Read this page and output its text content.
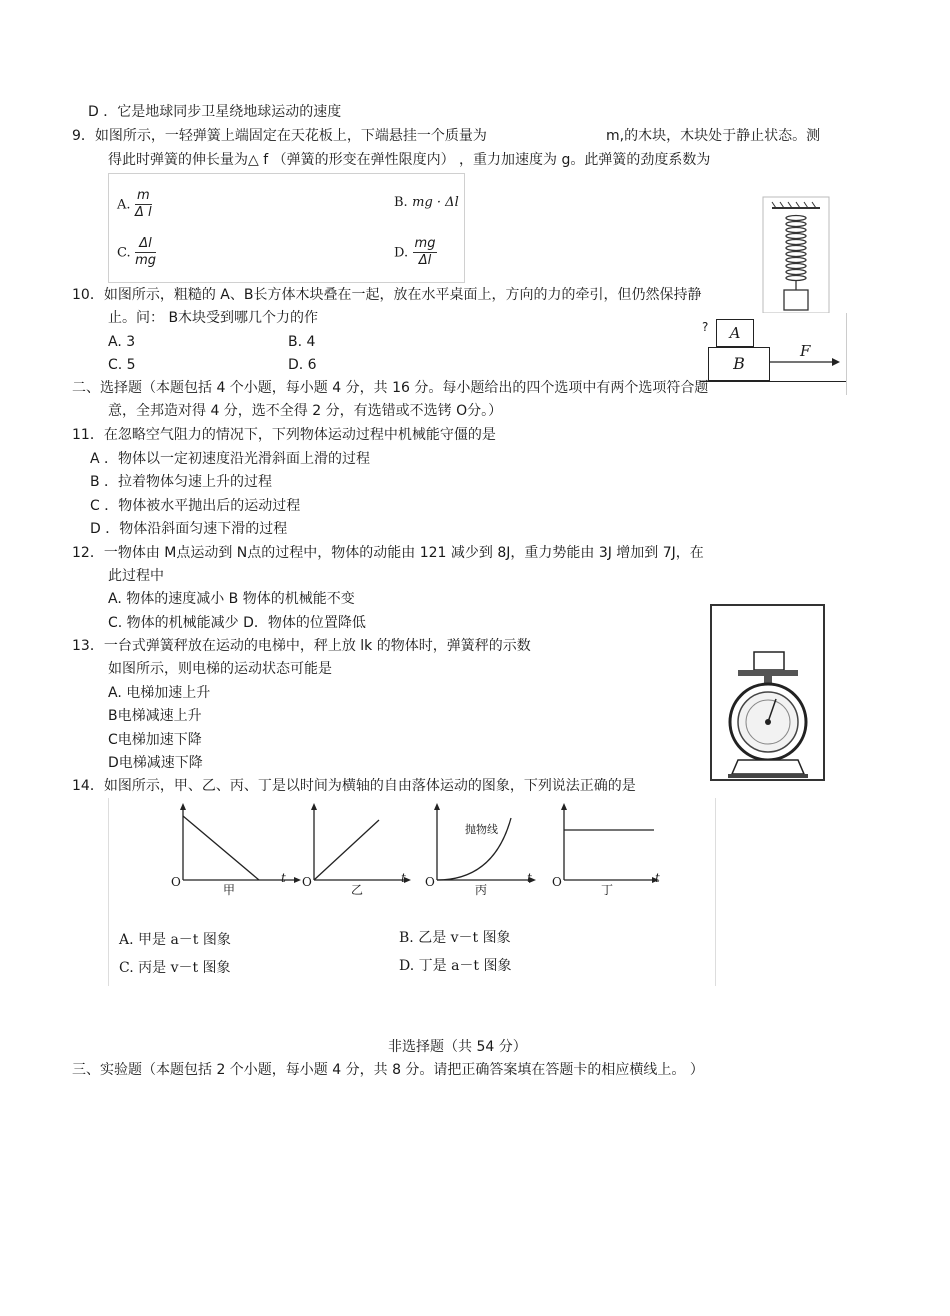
D ．它是地球同步卫星绕地球运动的速度
9．如图所示，一轻弹簧上端固定在天花板上，下端悬挂一个质量为	m,的木块，木块处于静止状态。测
得此时弹簧的伸长量为△ f （弹簧的形变在弹性限度内） ，重力加速度为 g。此弹簧的劲度系数为
A. $\frac{m}{\text{Δ l}}$	B. mg · Δl
C. $\frac{\Delta l}{mg}$	D. $\frac{mg}{\Delta l}$
10．如图所示，粗糙的 A、B长方体木块叠在一起，放在水平桌面上，方向的力的牵引，但仍然保持静
止。问： B木块受到哪几个力的作
A. 3	B. 4
C. 5	D. 6
?	A
B
F
二、选择题（本题包括 4 个小题，每小题 4 分，共 16 分。每小题给出的四个选项中有两个选项符合题
意，全邦造对得 4 分，选不全得 2 分，有选错或不选铐 O分。）
11．在忽略空气阻力的情况下，下列物体运动过程中机械能守僵的是
A ．物体以一定初速度沿光滑斜面上滑的过程
B ．拉着物体匀速上升的过程
C ．物体被水平抛出后的运动过程
D ．物体沿斜面匀速下滑的过程
12．一物体由 M点运动到 N点的过程中，物体的动能由 121 减少到 8J，重力势能由 3J 增加到 7J，在
此过程中
A. 物体的速度减小 B 物体的机械能不变
C. 物体的机械能减少 D．物体的位置降低
13．一台式弹簧秤放在运动的电梯中，秤上放 lk 的物体时，弹簧秤的示数
如图所示，则电梯的运动状态可能是
A. 电梯加速上升
B电梯减速上升
C电梯加速下降
D电梯减速下降
14．如图所示，甲、乙、丙、丁是以时间为横轴的自由落体运动的图象，下列说法正确的是
O
甲
t O
乙
t O
丙
t
抛物线
O
丁
t
A. 甲是 a－t 图象	B. 乙是 v－t 图象
C. 丙是 v－t 图象	D. 丁是 a－t 图象
非选择题（共 54 分）
三、实验题（本题包括 2 个小题，每小题 4 分，共 8 分。请把正确答案填在答题卡的相应横线上。 ）
